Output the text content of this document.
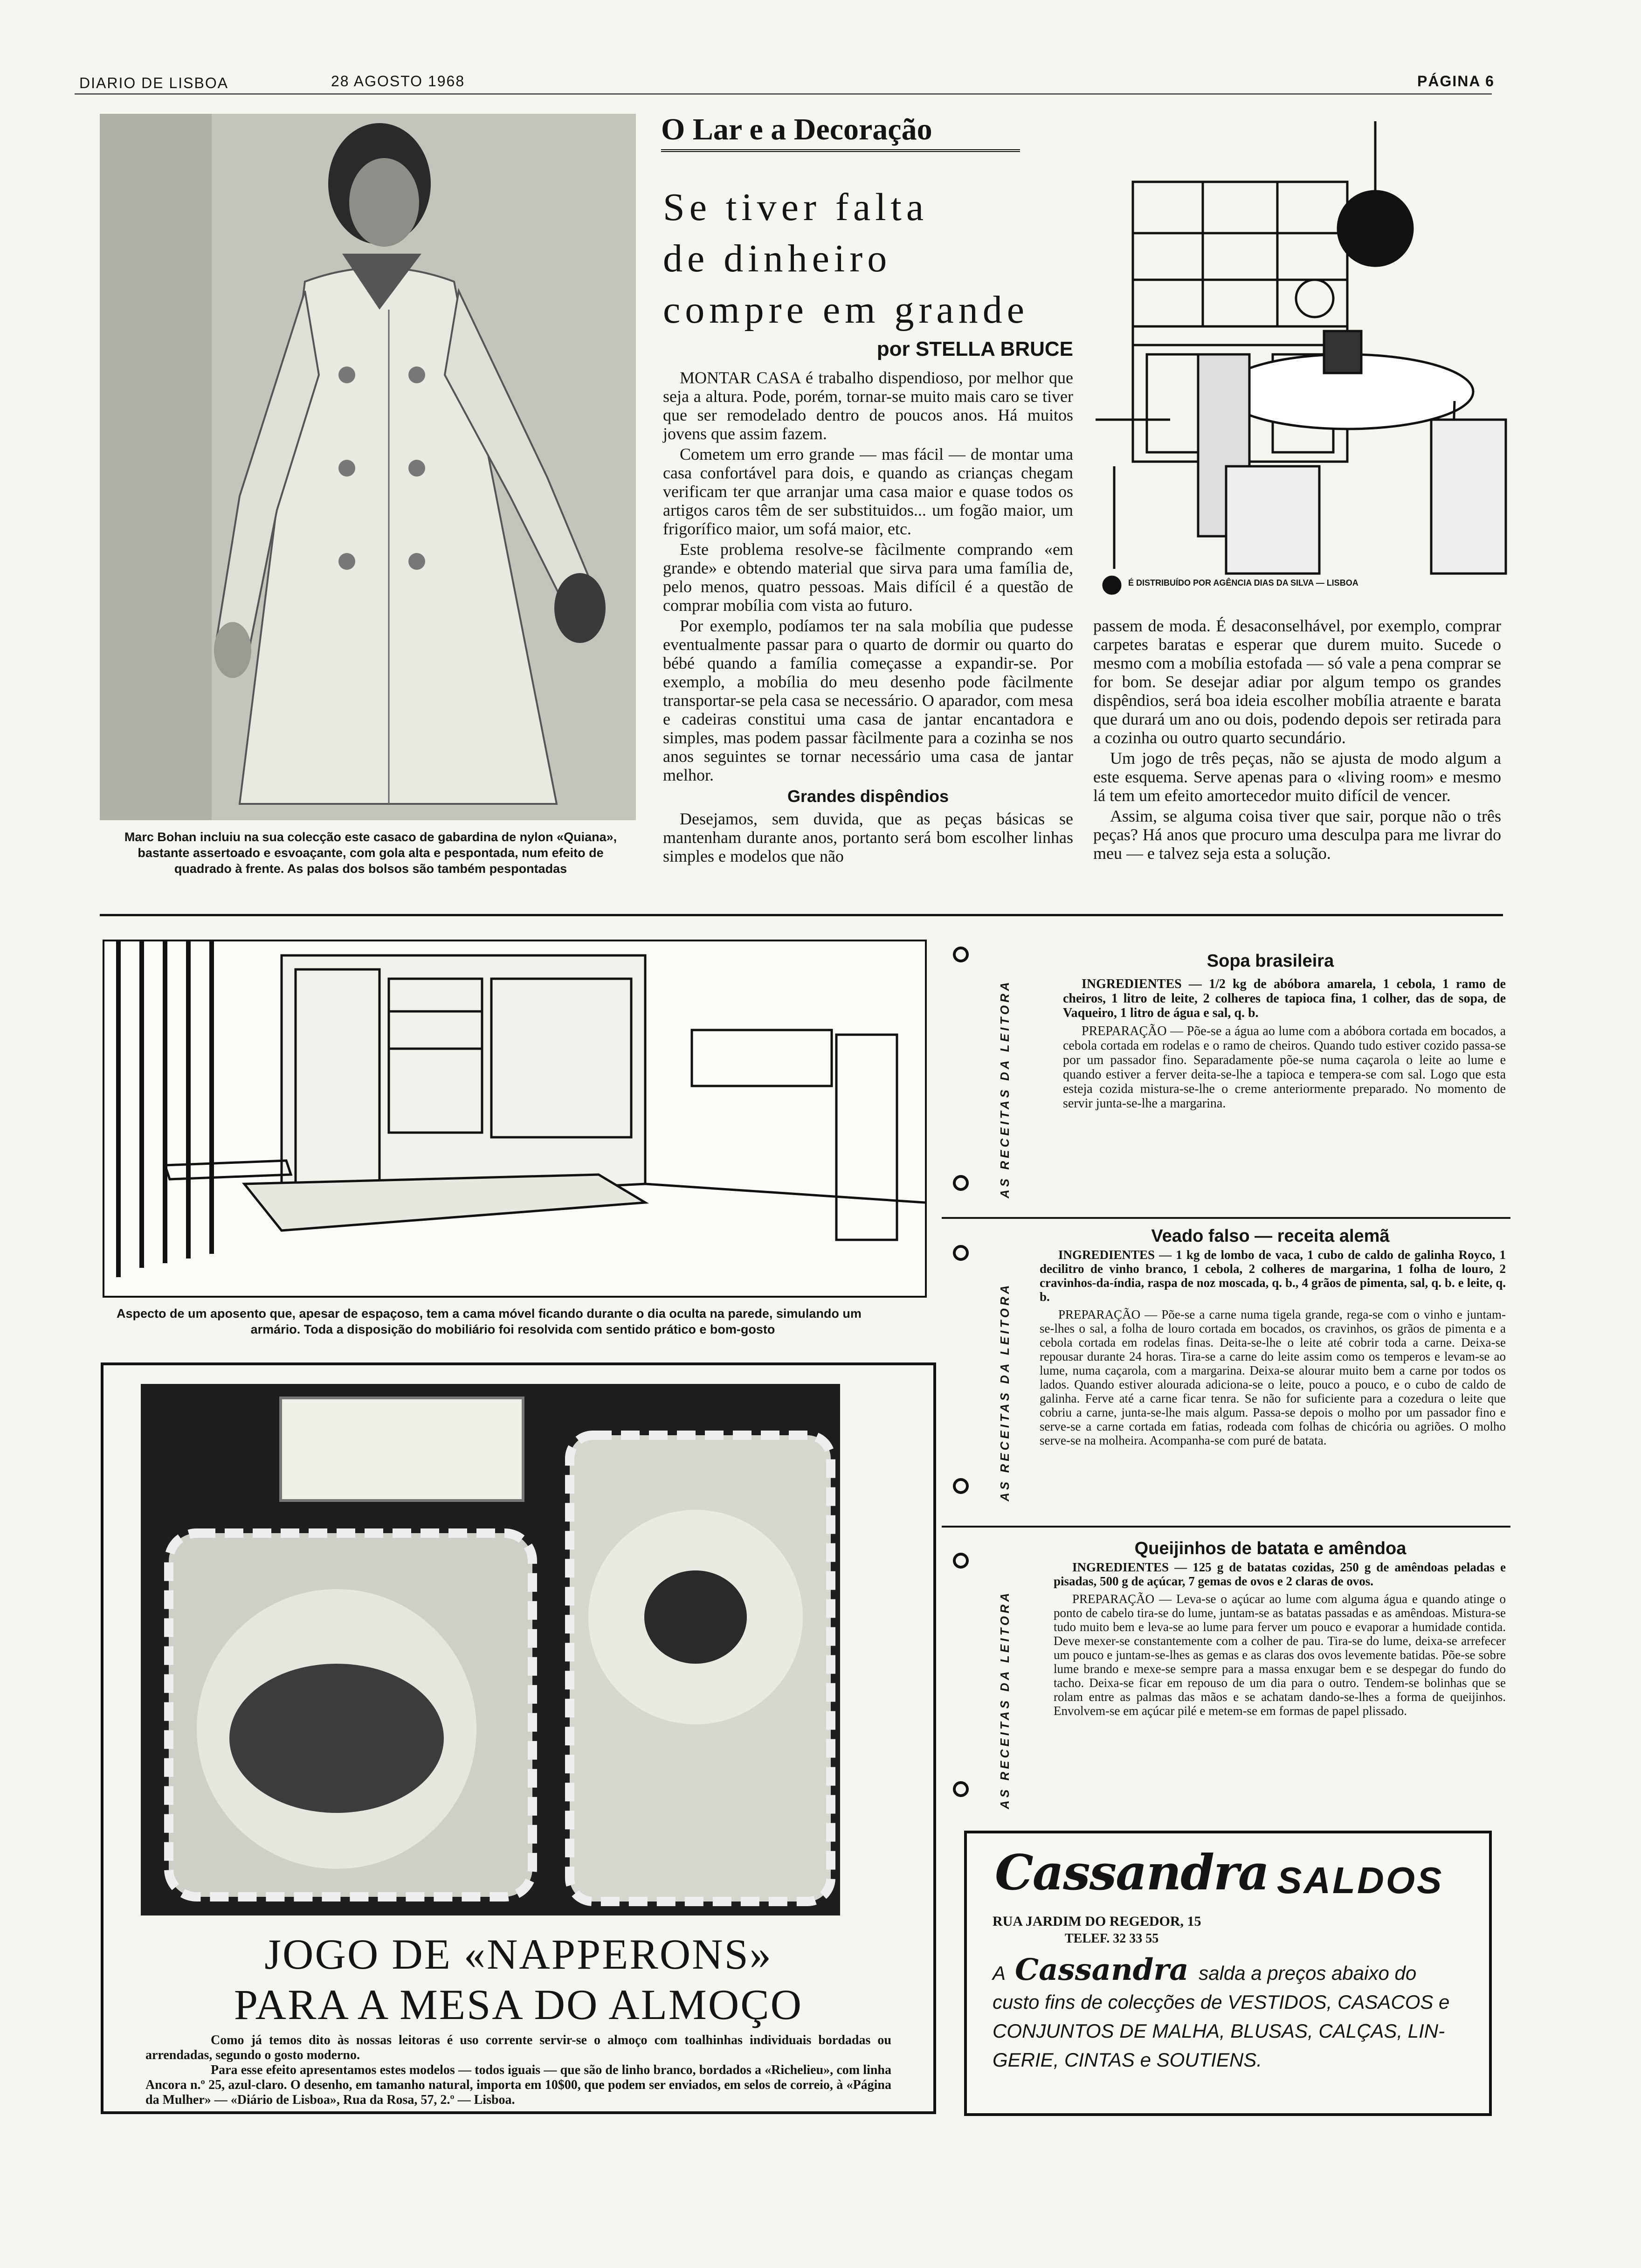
DIARIO DE LISBOA	28 AGOSTO 1968	PÁGINA 6
Marc Bohan incluiu na sua colecção este casaco de gabardina de nylon «Quiana», bastante assertoado e esvoaçante, com gola alta e pespontada, num efeito de quadrado à frente. As palas dos bolsos são também pespontadas
O Lar e a Decoração
Se tiver falta
de dinheiro
compre em grande
por STELLA BRUCE

MONTAR CASA é trabalho dispendioso, por melhor que seja a altura. Pode, porém, tornar-se muito mais caro se tiver que ser remodelado dentro de poucos anos. Há muitos jovens que assim fazem.

Cometem um erro grande — mas fácil — de montar uma casa confortável para dois, e quando as crianças chegam verificam ter que arranjar uma casa maior e quase todos os artigos caros têm de ser substituidos... um fogão maior, um frigorífico maior, um sofá maior, etc.

Este problema resolve-se fàcilmente comprando «em grande» e obtendo material que sirva para uma família de, pelo menos, quatro pessoas. Mais difícil é a questão de comprar mobília com vista ao futuro.

Por exemplo, podíamos ter na sala mobília que pudesse eventualmente passar para o quarto de dormir ou quarto do bébé quando a família começasse a expandir-se. Por exemplo, a mobília do meu desenho pode fàcilmente transportar-se pela casa se necessário. O aparador, com mesa e cadeiras constitui uma casa de jantar encantadora e simples, mas podem passar fàcilmente para a cozinha se nos anos seguintes se tornar necessário uma casa de jantar melhor.

Grandes dispêndios

Desejamos, sem duvida, que as peças básicas se mantenham durante anos, portanto será bom escolher linhas simples e modelos que não

É DISTRIBUÍDO POR AGÊNCIA DIAS DA SILVA — LISBOA

passem de moda. É desaconselhável, por exemplo, comprar carpetes baratas e esperar que durem muito. Sucede o mesmo com a mobília estofada — só vale a pena comprar se for bom. Se desejar adiar por algum tempo os grandes dispêndios, será boa ideia escolher mobília atraente e barata que durará um ano ou dois, podendo depois ser retirada para a cozinha ou outro quarto secundário.

Um jogo de três peças, não se ajusta de modo algum a este esquema. Serve apenas para o «living room» e mesmo lá tem um efeito amortecedor muito difícil de vencer.

Assim, se alguma coisa tiver que sair, porque não o três peças? Há anos que procuro uma desculpa para me livrar do meu — e talvez seja esta a solução.

Aspecto de um aposento que, apesar de espaçoso, tem a cama móvel ficando durante o dia oculta na parede, simulando um armário. Toda a disposição do mobiliário foi resolvida com sentido prático e bom-gosto
JOGO DE «NAPPERONS»
PARA A MESA DO ALMOÇO
Como já temos dito às nossas leitoras é uso corrente servir-se o almoço com toalhinhas individuais bordadas ou arrendadas, segundo o gosto moderno.
Para esse efeito apresentamos estes modelos — todos iguais — que são de linho branco, bordados a «Richelieu», com linha Ancora n.º 25, azul-claro. O desenho, em tamanho natural, importa em 10$00, que podem ser enviados, em selos de correio, à «Página da Mulher» — «Diário de Lisboa», Rua da Rosa, 57, 2.º — Lisboa.
AS RECEITAS DA LEITORA
Sopa brasileira

INGREDIENTES — 1/2 kg de abóbora amarela, 1 cebola, 1 ramo de cheiros, 1 litro de leite, 2 colheres de tapioca fina, 1 colher, das de sopa, de Vaqueiro, 1 litro de água e sal, q. b.

PREPARAÇÃO — Põe-se a água ao lume com a abóbora cortada em bocados, a cebola cortada em rodelas e o ramo de cheiros. Quando tudo estiver cozido passa-se por um passador fino. Separadamente põe-se numa caçarola o leite ao lume e quando estiver a ferver deita-se-lhe a tapioca e tempera-se com sal. Logo que esta esteja cozida mistura-se-lhe o creme anteriormente preparado. No momento de servir junta-se-lhe a margarina.

AS RECEITAS DA LEITORA
Veado falso — receita alemã

INGREDIENTES — 1 kg de lombo de vaca, 1 cubo de caldo de galinha Royco, 1 decilitro de vinho branco, 1 cebola, 2 colheres de margarina, 1 folha de louro, 2 cravinhos-da-índia, raspa de noz moscada, q. b., 4 grãos de pimenta, sal, q. b. e leite, q. b.

PREPARAÇÃO — Põe-se a carne numa tigela grande, rega-se com o vinho e juntam-se-lhes o sal, a folha de louro cortada em bocados, os cravinhos, os grãos de pimenta e a cebola cortada em rodelas finas. Deita-se-lhe o leite até cobrir toda a carne. Deixa-se repousar durante 24 horas. Tira-se a carne do leite assim como os temperos e levam-se ao lume, numa caçarola, com a margarina. Deixa-se alourar muito bem a carne por todos os lados. Quando estiver alourada adiciona-se o leite, pouco a pouco, e o cubo de caldo de galinha. Ferve até a carne ficar tenra. Se não for suficiente para a cozedura o leite que cobriu a carne, junta-se-lhe mais algum. Passa-se depois o molho por um passador fino e serve-se a carne cortada em fatias, rodeada com folhas de chicória ou agriões. O molho serve-se na molheira. Acompanha-se com puré de batata.

AS RECEITAS DA LEITORA
Queijinhos de batata e amêndoa

INGREDIENTES — 125 g de batatas cozidas, 250 g de amêndoas peladas e pisadas, 500 g de açúcar, 7 gemas de ovos e 2 claras de ovos.

PREPARAÇÃO — Leva-se o açúcar ao lume com alguma água e quando atinge o ponto de cabelo tira-se do lume, juntam-se as batatas passadas e as amêndoas. Mistura-se tudo muito bem e leva-se ao lume para ferver um pouco e evaporar a humidade contida. Deve mexer-se constantemente com a colher de pau. Tira-se do lume, deixa-se arrefecer um pouco e juntam-se-lhes as gemas e as claras dos ovos levemente batidas. Põe-se sobre lume brando e mexe-se sempre para a massa enxugar bem e se despegar do fundo do tacho. Deixa-se ficar em repouso de um dia para o outro. Tendem-se bolinhas que se rolam entre as palmas das mãos e se achatam dando-se-lhes a forma de queijinhos. Envolvem-se em açúcar pilé e metem-se em formas de papel plissado.

Cassandra SALDOS
RUA JARDIM DO REGEDOR, 15
TELEF. 32 33 55
A Cassandra salda a preços abaixo do
custo fins de colecções de VESTIDOS, CASACOS e
CONJUNTOS DE MALHA, BLUSAS, CALÇAS, LIN-
GERIE, CINTAS e SOUTIENS.
